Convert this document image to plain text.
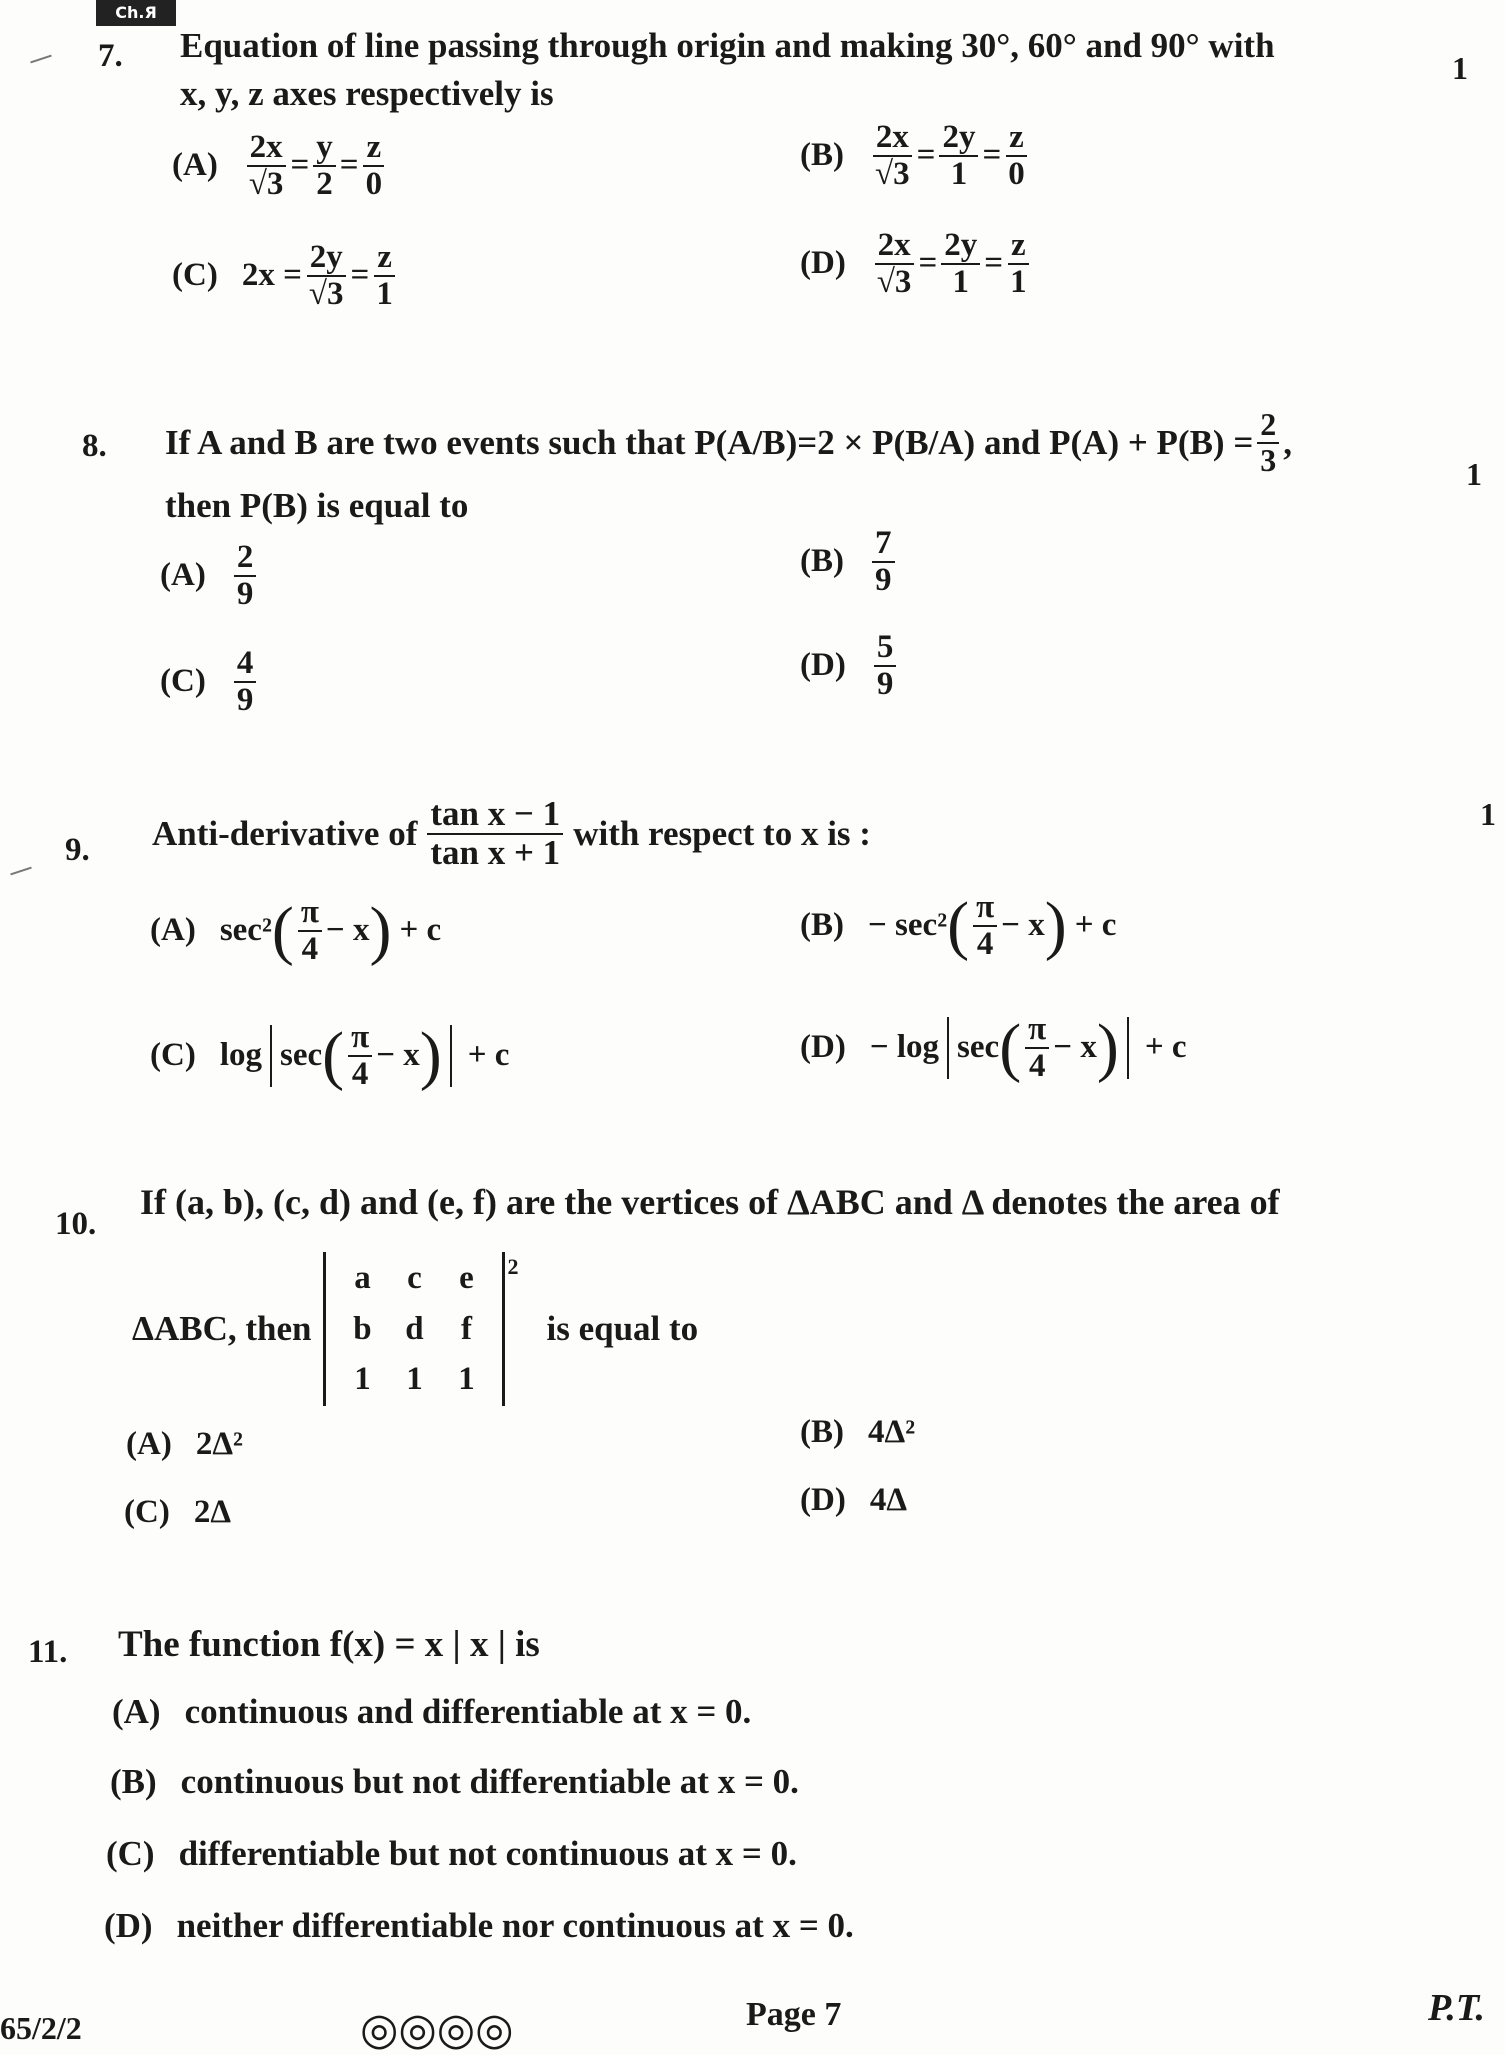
Ch.Я
7. Equation of line passing through origin and making 30°, 60° and 90° with
x, y, z axes respectively is
1
$(A) \frac{2x}{√3} = \frac{y}{2} = \frac{z}{0}$	$(B) \frac{2x}{√3} = \frac{2y}{1} = \frac{z}{0}$
(C) $2x = \frac{2y}{√3} = \frac{z}{1}$	$(D) \frac{2x}{√3} = \frac{2y}{1} = \frac{z}{1}$
8. If A and B are two events such that P(A/B)=2 × P(B/A) and $P(A) + P(B) = \frac{2}{3}$ ,
then P(B) is equal to
1
$(A) \frac{2}{9}$	$(B) \frac{7}{9}$
$(C) \frac{4}{9}$	$(D) \frac{5}{9}$
9. Anti-derivative of $\frac{\text{tan x − 1}}{\text{tan x + 1}}$ with respect to x is :
1
(A) sec² ( $\frac{\pi}{4} - x$ ) + c	(B) − sec² ( $\frac{\pi}{4} - x$ ) + c
(C) log sec ( $\frac{\pi}{4} - x$ ) + c	(D) − log sec ( $\frac{\pi}{4} - x$ ) + c
10.
If (a, b), (c, d) and (e, f) are the vertices of ΔABC and Δ denotes the area of
ΔABC, then
a	c	e
b	d	f
1	1	1
$^2$
is equal to
(A) 2Δ²	(B) 4Δ²
(C) 2Δ	(D) 4Δ
11. The function f(x) = x | x | is
(A) continuous and differentiable at x = 0.
(B) continuous but not differentiable at x = 0.
(C) differentiable but not continuous at x = 0.
(D) neither differentiable nor continuous at x = 0.
65/2/2	◎◎◎◎	Page 7	P.T.
